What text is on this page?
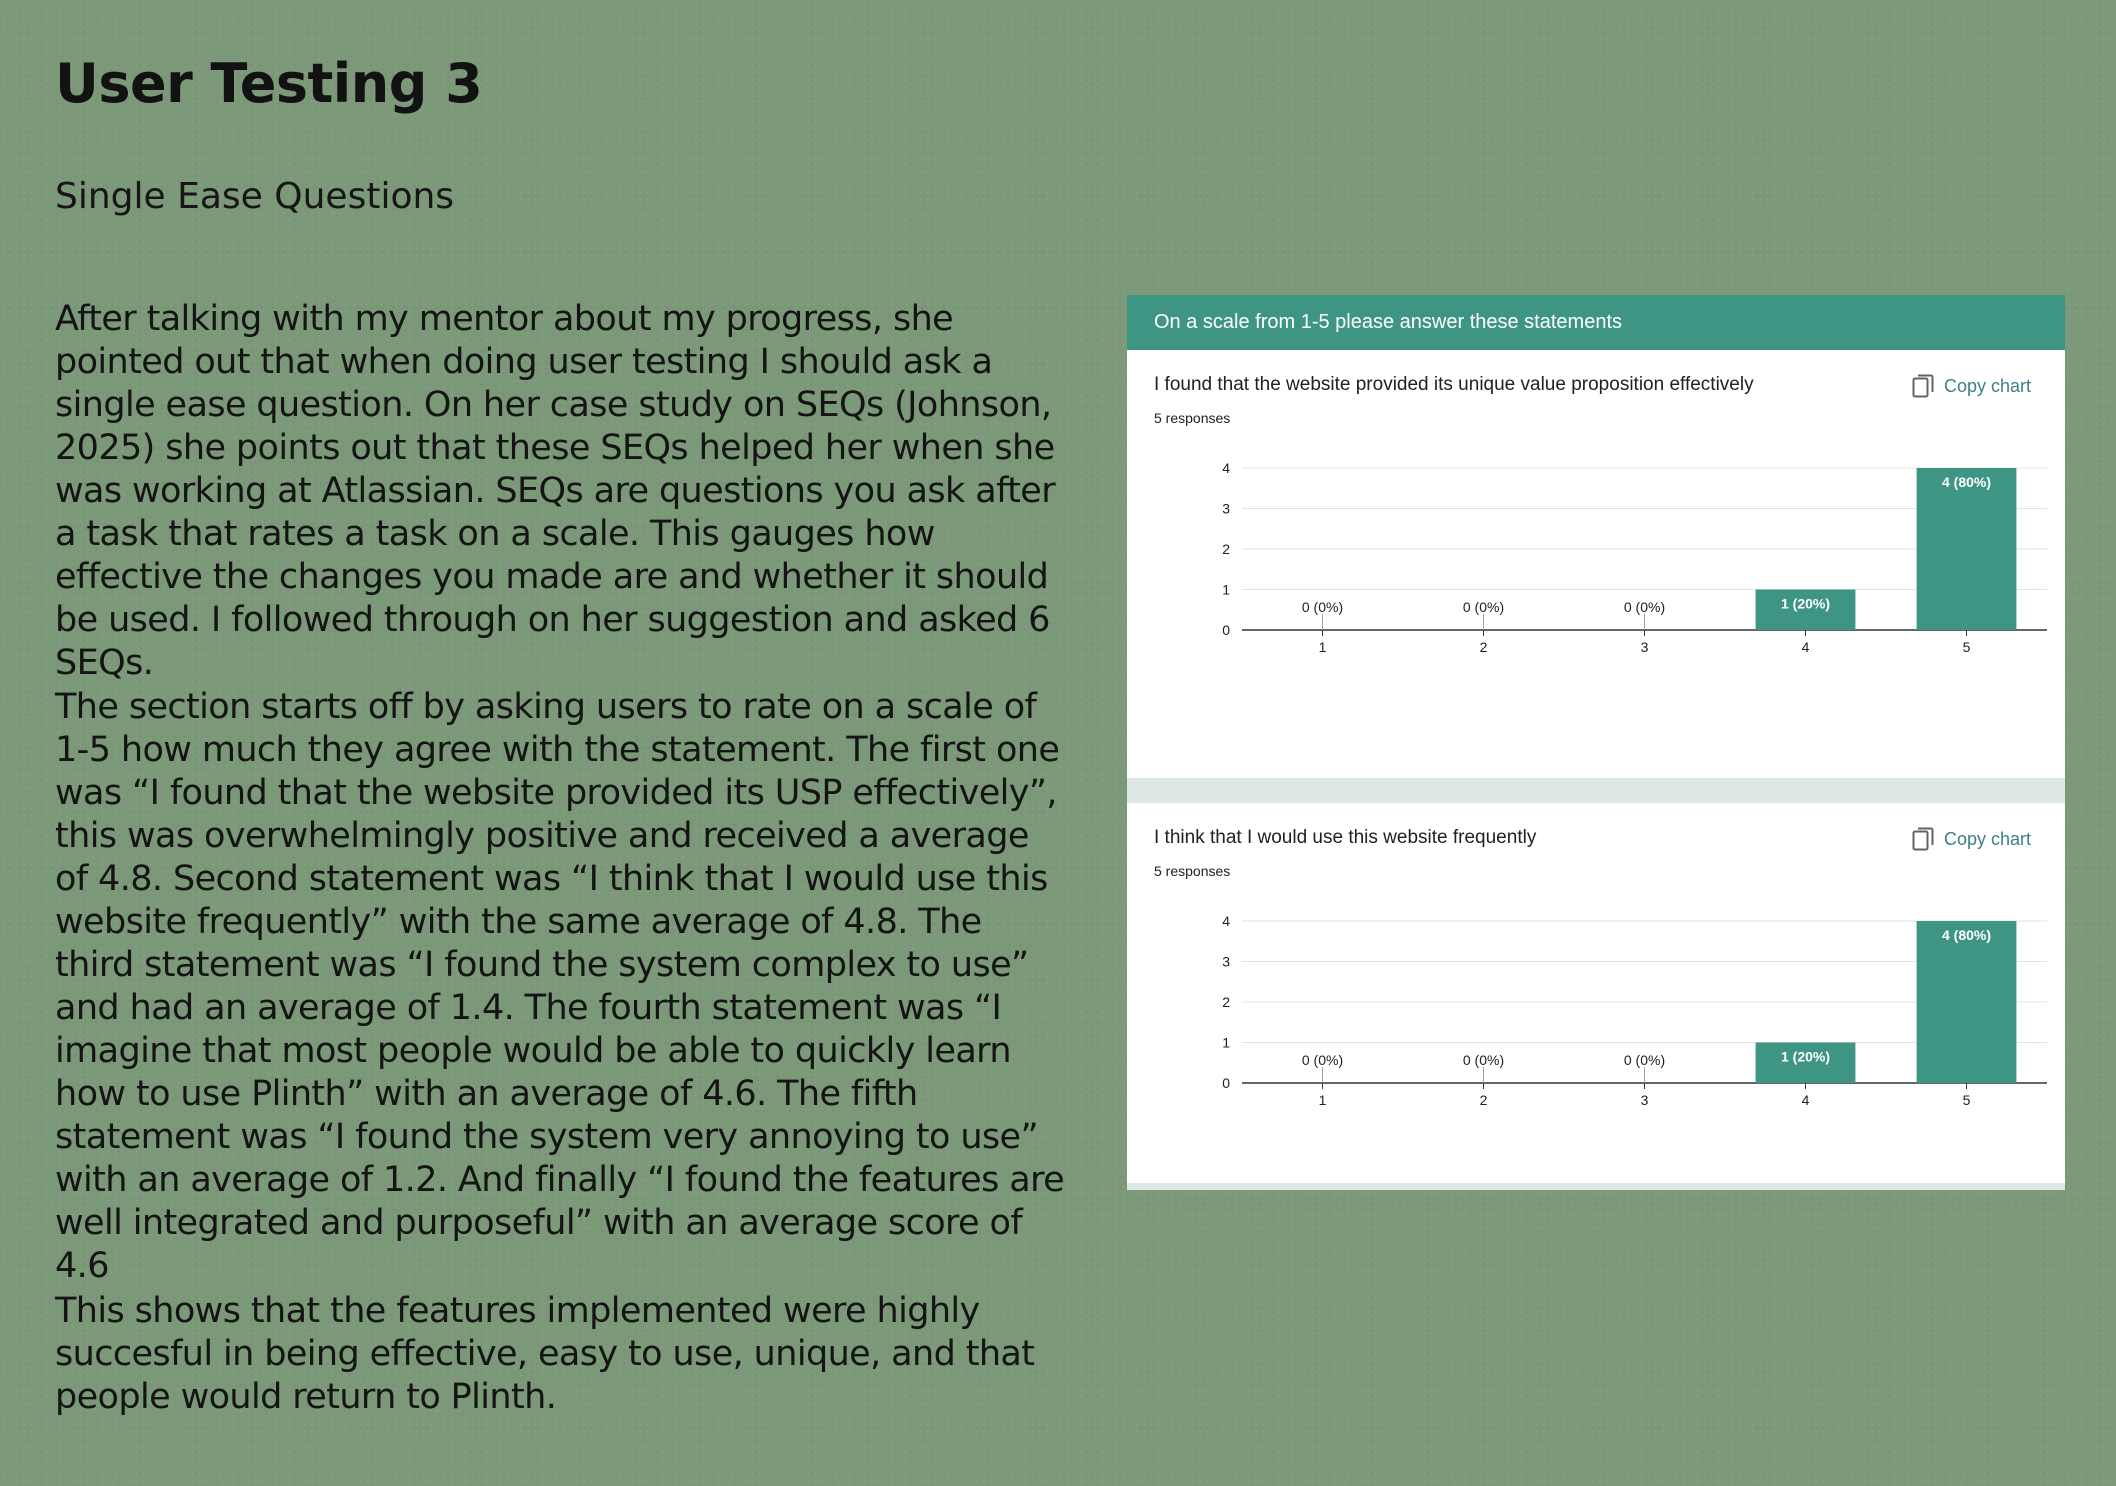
User Testing 3
Single Ease Questions

After talking with my mentor about my progress, she pointed out that when doing user testing I should ask a single ease question. On her case study on SEQs (Johnson, 2025) she points out that these SEQs helped her when she was working at Atlassian. SEQs are questions you ask after a task that rates a task on a scale. This gauges how effective the changes you made are and whether it should be used. I followed through on her suggestion and asked 6 SEQs.

The section starts off by asking users to rate on a scale of 1-5 how much they agree with the statement. The first one was “I found that the website provided its USP effectively”, this was overwhelmingly positive and received a average of 4.8. Second statement was “I think that I would use this website frequently” with the same average of 4.8. The third statement was “I found the system complex to use” and had an average of 1.4. The fourth statement was “I imagine that most people would be able to quickly learn how to use Plinth” with an average of 4.6. The fifth statement was “I found the system very annoying to use” with an average of 1.2. And finally “I found the features are well integrated and purposeful” with an average score of 4.6

This shows that the features implemented were highly succesful in being effective, easy to use, unique, and that people would return to Plinth.

On a scale from 1-5 please answer these statements
I found that the website provided its unique value proposition effectively
5 responses
Copy chart
0
1
2
3
4
1
0 (0%)
2
0 (0%)
3
0 (0%)
4
1 (20%)
5
4 (80%)
I think that I would use this website frequently
5 responses
Copy chart
0
1
2
3
4
1
0 (0%)
2
0 (0%)
3
0 (0%)
4
1 (20%)
5
4 (80%)
